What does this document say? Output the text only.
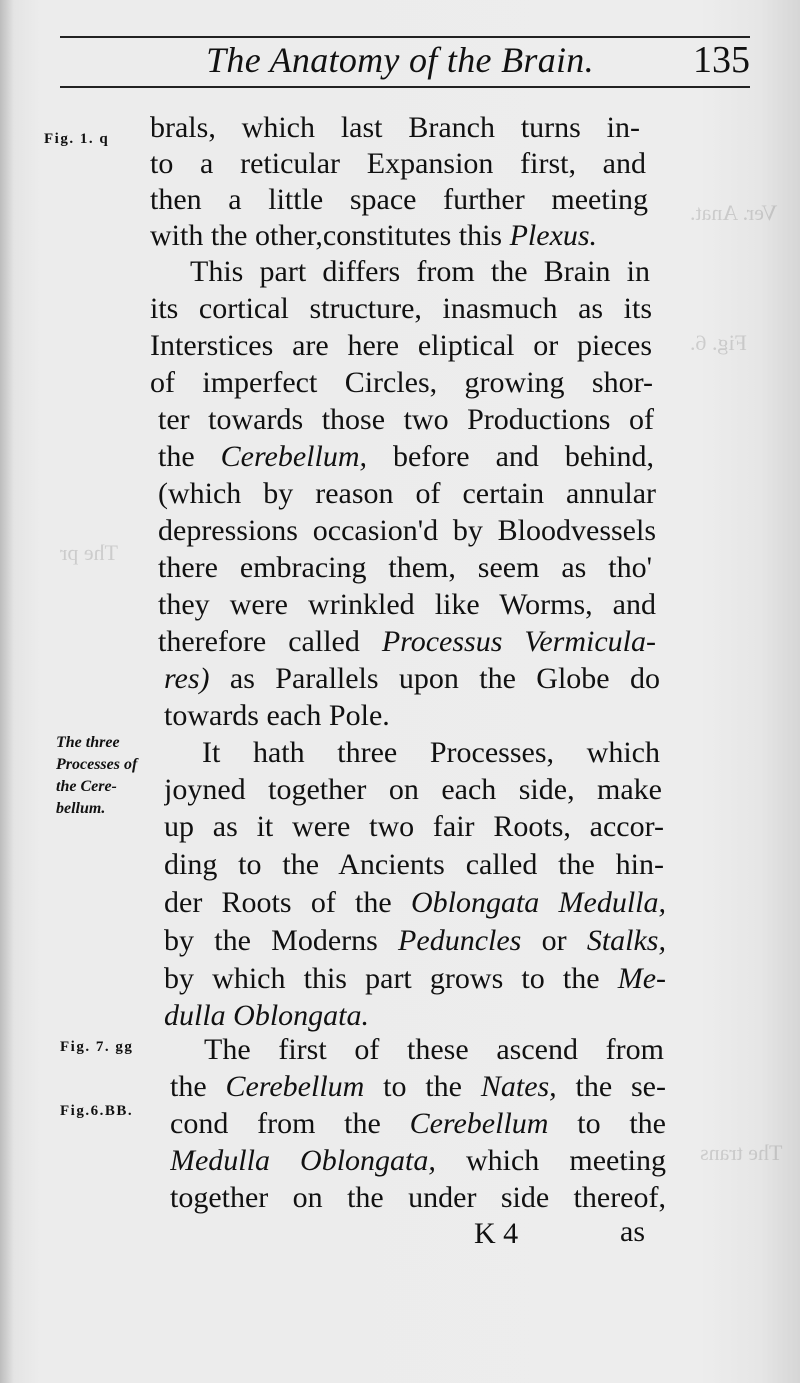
The Anatomy of the Brain.	135
Ver. Anat.
Fig. 6.
The pr
The trans
Fig. 1. q
The three
Processes of
the Cere-
bellum.
Fig. 7. gg
Fig.6.BB.
brals, which last Branch turns in-
to a reticular Expansion first, and
then a little space further meeting
with the other,constitutes this Plexus.
This part differs from the Brain in
its cortical structure, inasmuch as its
Interstices are here eliptical or pieces
of imperfect Circles, growing shor-
ter towards those two Productions of
the Cerebellum, before and behind,
(which by reason of certain annular
depressions occasion'd by Bloodvessels
there embracing them, seem as tho'
they were wrinkled like Worms, and
therefore called Processus Vermicula-
res) as Parallels upon the Globe do
towards each Pole.
It hath three Processes, which
joyned together on each side, make
up as it were two fair Roots, accor-
ding to the Ancients called the hin-
der Roots of the Oblongata Medulla,
by the Moderns Peduncles or Stalks,
by which this part grows to the Me-
dulla Oblongata.
The first of these ascend from
the Cerebellum to the Nates, the se-
cond from the Cerebellum to the
Medulla Oblongata, which meeting
together on the under side thereof,
K 4	as
